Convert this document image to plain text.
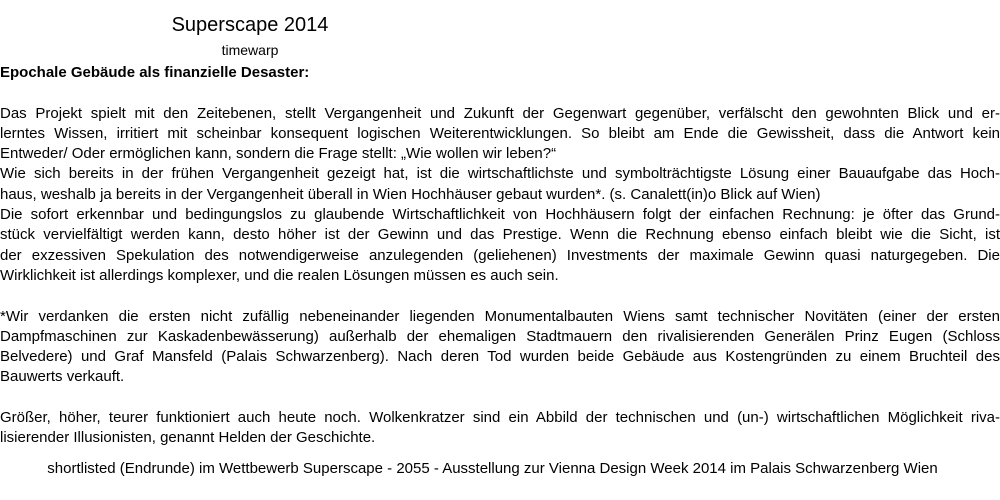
Superscape 2014
timewarp

Epochale Gebäude als finanzielle Desaster:

Das Projekt spielt mit den Zeitebenen, stellt Vergangenheit und Zukunft der Gegenwart gegenüber, verfälscht den gewohnten Blick und er-
lerntes Wissen, irritiert mit scheinbar konsequent logischen Weiterentwicklungen. So bleibt am Ende die Gewissheit, dass die Antwort kein
Entweder/ Oder ermöglichen kann, sondern die Frage stellt: „Wie wollen wir leben?“
Wie sich bereits in der frühen Vergangenheit gezeigt hat, ist die wirtschaftlichste und symbolträchtigste Lösung einer Bauaufgabe das Hoch-
haus, weshalb ja bereits in der Vergangenheit überall in Wien Hochhäuser gebaut wurden*. (s. Canalett(in)o Blick auf Wien)
Die sofort erkennbar und bedingungslos zu glaubende Wirtschaftlichkeit von Hochhäusern folgt der einfachen Rechnung: je öfter das Grund-
stück vervielfältigt werden kann, desto höher ist der Gewinn und das Prestige. Wenn die Rechnung ebenso einfach bleibt wie die Sicht, ist
der exzessiven Spekulation des notwendigerweise anzulegenden (geliehenen) Investments der maximale Gewinn quasi naturgegeben. Die
Wirklichkeit ist allerdings komplexer, und die realen Lösungen müssen es auch sein.
*Wir verdanken die ersten nicht zufällig nebeneinander liegenden Monumentalbauten Wiens samt technischer Novitäten (einer der ersten
Dampfmaschinen zur Kaskadenbewässerung) außerhalb der ehemaligen Stadtmauern den rivalisierenden Generälen Prinz Eugen (Schloss
Belvedere) und Graf Mansfeld (Palais Schwarzenberg). Nach deren Tod wurden beide Gebäude aus Kostengründen zu einem Bruchteil des
Bauwerts verkauft.
Größer, höher, teurer funktioniert auch heute noch. Wolkenkratzer sind ein Abbild der technischen und (un-) wirtschaftlichen Möglichkeit riva-
lisierender Illusionisten, genannt Helden der Geschichte.
shortlisted (Endrunde) im Wettbewerb Superscape - 2055 - Ausstellung zur Vienna Design Week 2014 im Palais Schwarzenberg Wien
